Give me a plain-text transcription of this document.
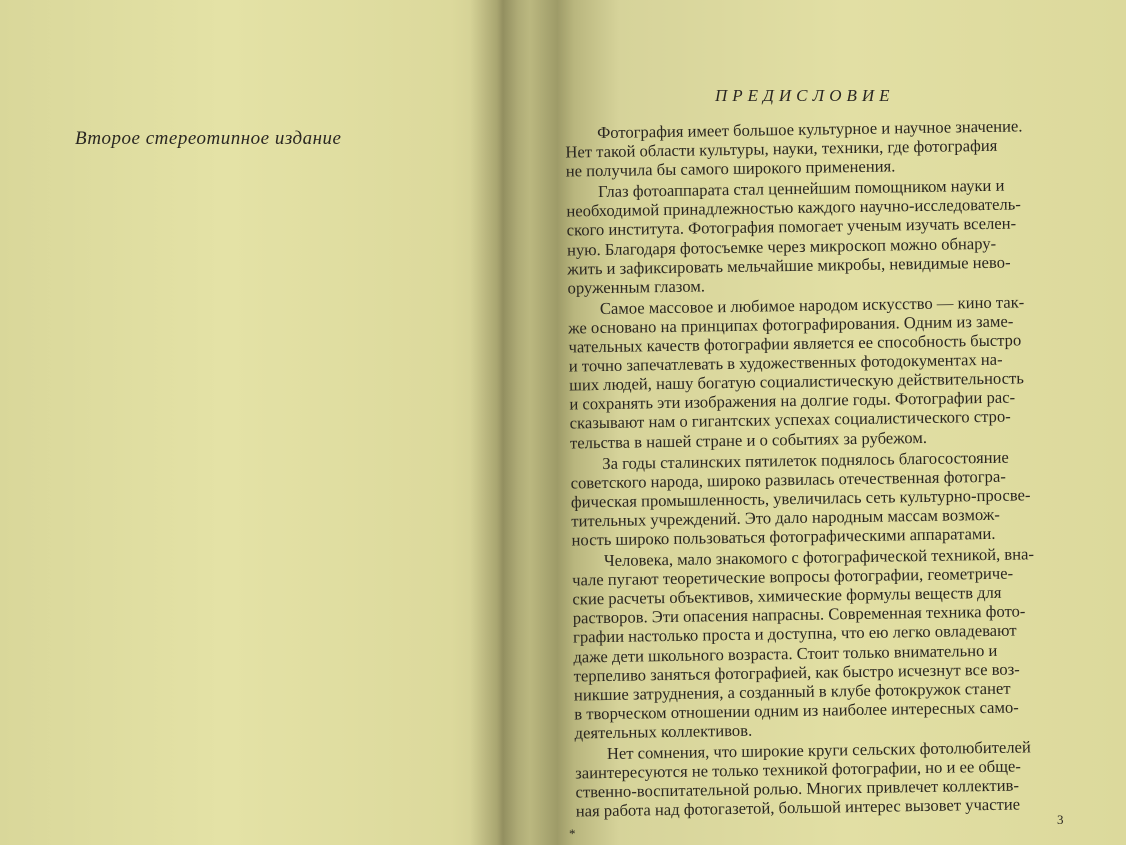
Второе стереотипное издание
ПРЕДИСЛОВИЕ
Фотография имеет большое культурное и научное значение.
Нет такой области культуры, науки, техники, где фотография
не получила бы самого широкого применения.
Глаз фотоаппарата стал ценнейшим помощником науки и
необходимой принадлежностью каждого научно-исследователь-
ского института. Фотография помогает ученым изучать вселен-
ную. Благодаря фотосъемке через микроскоп можно обнару-
жить и зафиксировать мельчайшие микробы, невидимые нево-
оруженным глазом.
Самое массовое и любимое народом искусство — кино так-
же основано на принципах фотографирования. Одним из заме-
чательных качеств фотографии является ее способность быстро
и точно запечатлевать в художественных фотодокументах на-
ших людей, нашу богатую социалистическую действительность
и сохранять эти изображения на долгие годы. Фотографии рас-
сказывают нам о гигантских успехах социалистического стро-
тельства в нашей стране и о событиях за рубежом.
За годы сталинских пятилеток поднялось благосостояние
советского народа, широко развилась отечественная фотогра-
фическая промышленность, увеличилась сеть культурно-просве-
тительных учреждений. Это дало народным массам возмож-
ность широко пользоваться фотографическими аппаратами.
Человека, мало знакомого с фотографической техникой, вна-
чале пугают теоретические вопросы фотографии, геометриче-
ские расчеты объективов, химические формулы веществ для
растворов. Эти опасения напрасны. Современная техника фото-
графии настолько проста и доступна, что ею легко овладевают
даже дети школьного возраста. Стоит только внимательно и
терпеливо заняться фотографией, как быстро исчезнут все воз-
никшие затруднения, а созданный в клубе фотокружок станет
в творческом отношении одним из наиболее интересных само-
деятельных коллективов.
Нет сомнения, что широкие круги сельских фотолюбителей
заинтересуются не только техникой фотографии, но и ее обще-
ственно-воспитательной ролью. Многих привлечет коллектив-
ная работа над фотогазетой, большой интерес вызовет участие	3
*
